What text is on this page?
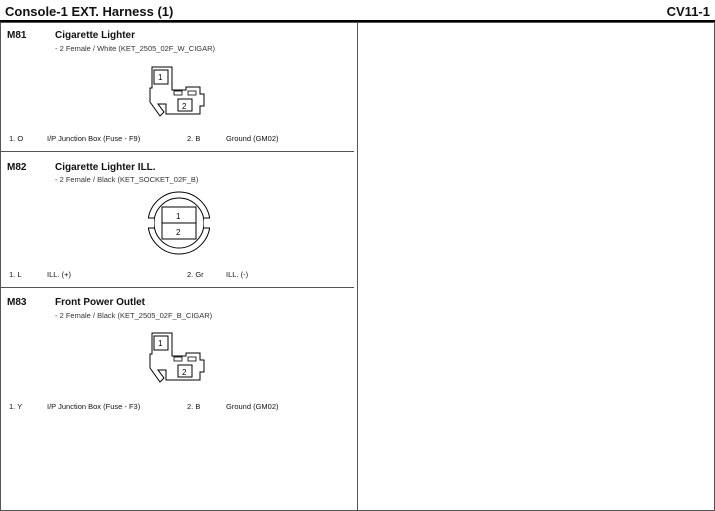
Console-1 EXT. Harness (1)	CV11-1
M81	Cigarette Lighter
- 2 Female / White (KET_2505_02F_W_CIGAR)
1
2
1. O	I/P Junction Box (Fuse - F9)	2. B	Ground (GM02)
M82	Cigarette Lighter ILL.
- 2 Female / Black (KET_SOCKET_02F_B)
1
2
1. L	ILL. (+)	2. Gr	ILL. (-)
M83	Front Power Outlet
- 2 Female / Black (KET_2505_02F_B_CIGAR)
1
2
1. Y	I/P Junction Box (Fuse - F3)	2. B	Ground (GM02)
